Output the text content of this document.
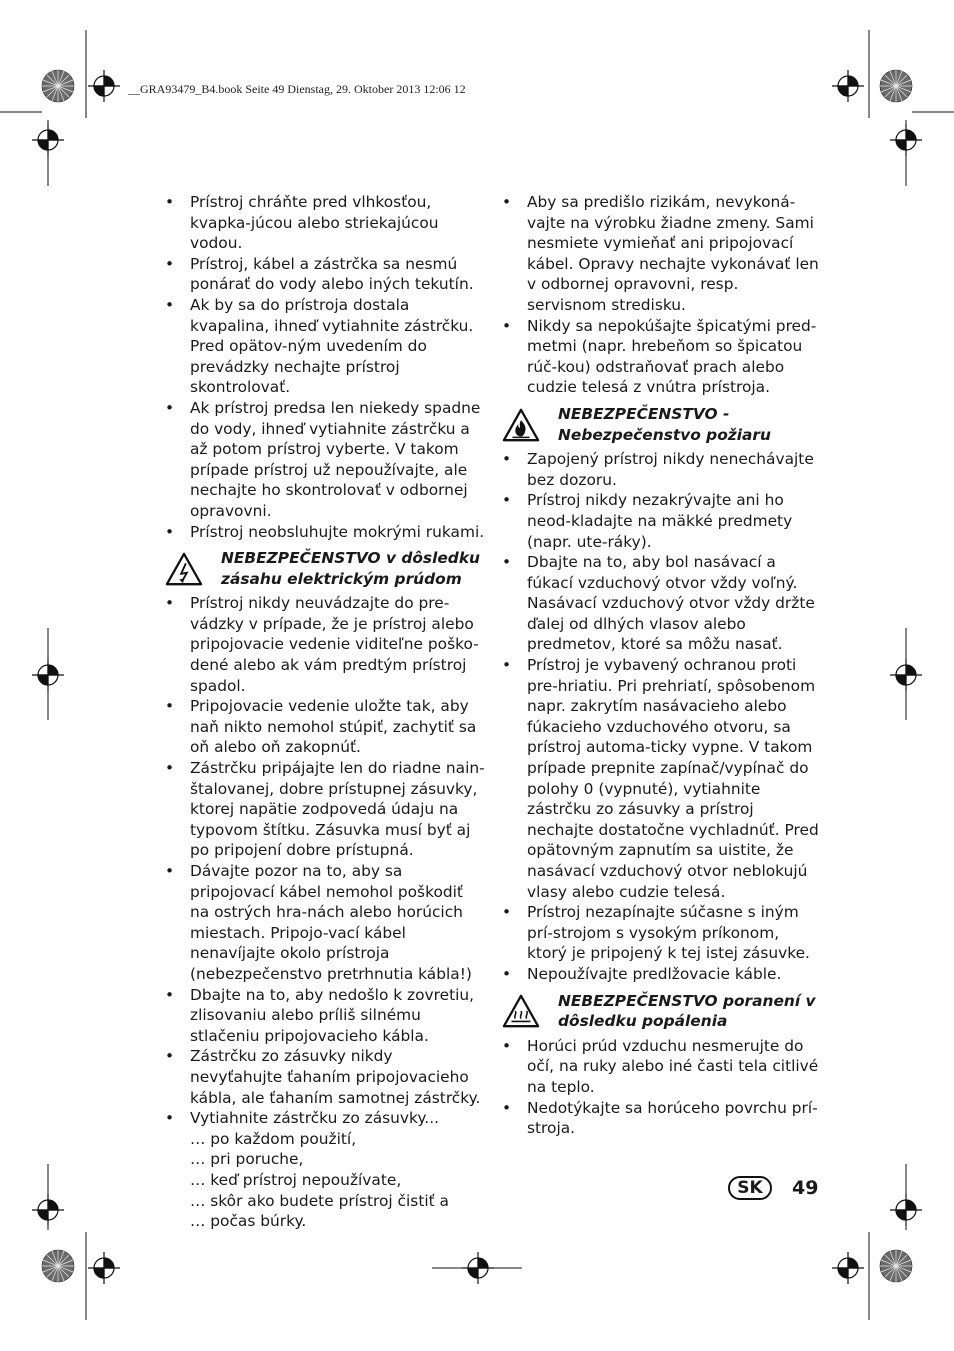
__GRA93479_B4.book Seite 49 Dienstag, 29. Oktober 2013 12:06 12
• Prístroj chráňte pred vlhkosťou, kvapka-júcou alebo striekajúcou vodou.
• Prístroj, kábel a zástrčka sa nesmú ponárať do vody alebo iných tekutín.
• Ak by sa do prístroja dostala kvapalina, ihneď vytiahnite zástrčku. Pred opätov-ným uvedením do prevádzky nechajte prístroj skontrolovať.
• Ak prístroj predsa len niekedy spadne do vody, ihneď vytiahnite zástrčku a až potom prístroj vyberte. V takom prípade prístroj už nepoužívajte, ale nechajte ho skontrolovať v odbornej opravovni.
• Prístroj neobsluhujte mokrými rukami.
NEBEZPEČENSTVO v dôsledku
zásahu elektrickým prúdom
• Prístroj nikdy neuvádzajte do pre-vádzky v prípade, že je prístroj alebo pripojovacie vedenie viditeľne poško-dené alebo ak vám predtým prístroj spadol.
• Pripojovacie vedenie uložte tak, aby naň nikto nemohol stúpiť, zachytiť sa oň alebo oň zakopnúť.
• Zástrčku pripájajte len do riadne nain-štalovanej, dobre prístupnej zásuvky, ktorej napätie zodpovedá údaju na typovom štítku. Zásuvka musí byť aj po pripojení dobre prístupná.
• Dávajte pozor na to, aby sa pripojovací kábel nemohol poškodiť na ostrých hra-nách alebo horúcich miestach. Pripojo-vací kábel nenavíjajte okolo prístroja (nebezpečenstvo pretrhnutia kábla!)
• Dbajte na to, aby nedošlo k zovretiu, zlisovaniu alebo príliš silnému stlačeniu pripojovacieho kábla.
• Zástrčku zo zásuvky nikdy nevyťahujte ťahaním pripojovacieho kábla, ale ťahaním samotnej zástrčky.
• Vytiahnite zástrčku zo zásuvky...
… po každom použití,
… pri poruche,
… keď prístroj nepoužívate,
… skôr ako budete prístroj čistiť a
… počas búrky.
• Aby sa predišlo rizikám, nevykoná-vajte na výrobku žiadne zmeny. Sami nesmiete vymieňať ani pripojovací kábel. Opravy nechajte vykonávať len v odbornej opravovni, resp. servisnom stredisku.
• Nikdy sa nepokúšajte špicatými pred-metmi (napr. hrebeňom so špicatou rúč-kou) odstraňovať prach alebo cudzie telesá z vnútra prístroja.
NEBEZPEČENSTVO -
Nebezpečenstvo požiaru
• Zapojený prístroj nikdy nenechávajte bez dozoru.
• Prístroj nikdy nezakrývajte ani ho neod-kladajte na mäkké predmety (napr. ute-ráky).
• Dbajte na to, aby bol nasávací a fúkací vzduchový otvor vždy voľný. Nasávací vzduchový otvor vždy držte ďalej od dlhých vlasov alebo predmetov, ktoré sa môžu nasať.
• Prístroj je vybavený ochranou proti pre-hriatiu. Pri prehriatí, spôsobenom napr. zakrytím nasávacieho alebo fúkacieho vzduchového otvoru, sa prístroj automa-ticky vypne. V takom prípade prepnite zapínač/vypínač do polohy 0 (vypnuté), vytiahnite zástrčku zo zásuvky a prístroj nechajte dostatočne vychladnúť. Pred opätovným zapnutím sa uistite, že nasávací vzduchový otvor neblokujú vlasy alebo cudzie telesá.
• Prístroj nezapínajte súčasne s iným prí-strojom s vysokým príkonom, ktorý je pripojený k tej istej zásuvke.
• Nepoužívajte predlžovacie káble.
NEBEZPEČENSTVO poranení v
dôsledku popálenia
• Horúci prúd vzduchu nesmerujte do očí, na ruky alebo iné časti tela citlivé na teplo.
• Nedotýkajte sa horúceho povrchu prí-stroja.
SK	49
